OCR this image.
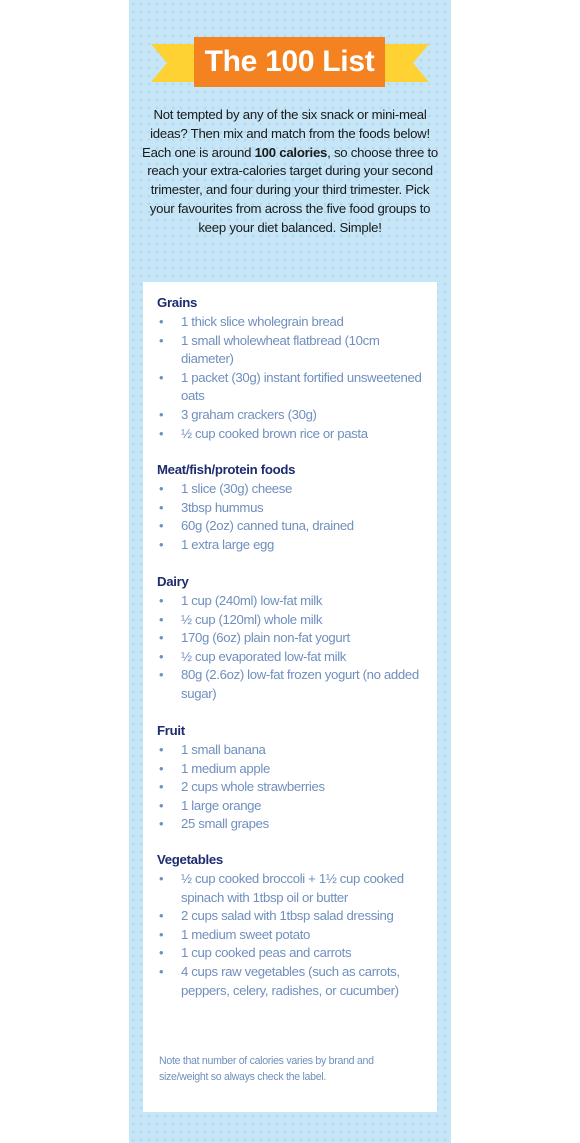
The 100 List

Not tempted by any of the six snack or mini-meal ideas? Then mix and match from the foods below! Each one is around 100 calories, so choose three to reach your extra-calories target during your second trimester, and four during your third trimester. Pick your favourites from across the five food groups to keep your diet balanced. Simple!

Grains

• 1 thick slice wholegrain bread
• 1 small wholewheat flatbread (10cm diameter)
• 1 packet (30g) instant fortified unsweetened oats
• 3 graham crackers (30g)
• ½ cup cooked brown rice or pasta

Meat/fish/protein foods

• 1 slice (30g) cheese
• 3tbsp hummus
• 60g (2oz) canned tuna, drained
• 1 extra large egg

Dairy

• 1 cup (240ml) low-fat milk
• ½ cup (120ml) whole milk
• 170g (6oz) plain non-fat yogurt
• ½ cup evaporated low-fat milk
• 80g (2.6oz) low-fat frozen yogurt (no added sugar)

Fruit

• 1 small banana
• 1 medium apple
• 2 cups whole strawberries
• 1 large orange
• 25 small grapes

Vegetables

• ½ cup cooked broccoli + 1½ cup cooked spinach with 1tbsp oil or butter
• 2 cups salad with 1tbsp salad dressing
• 1 medium sweet potato
• 1 cup cooked peas and carrots
• 4 cups raw vegetables (such as carrots, peppers, celery, radishes, or cucumber)

Note that number of calories varies by brand and size/weight so always check the label.
